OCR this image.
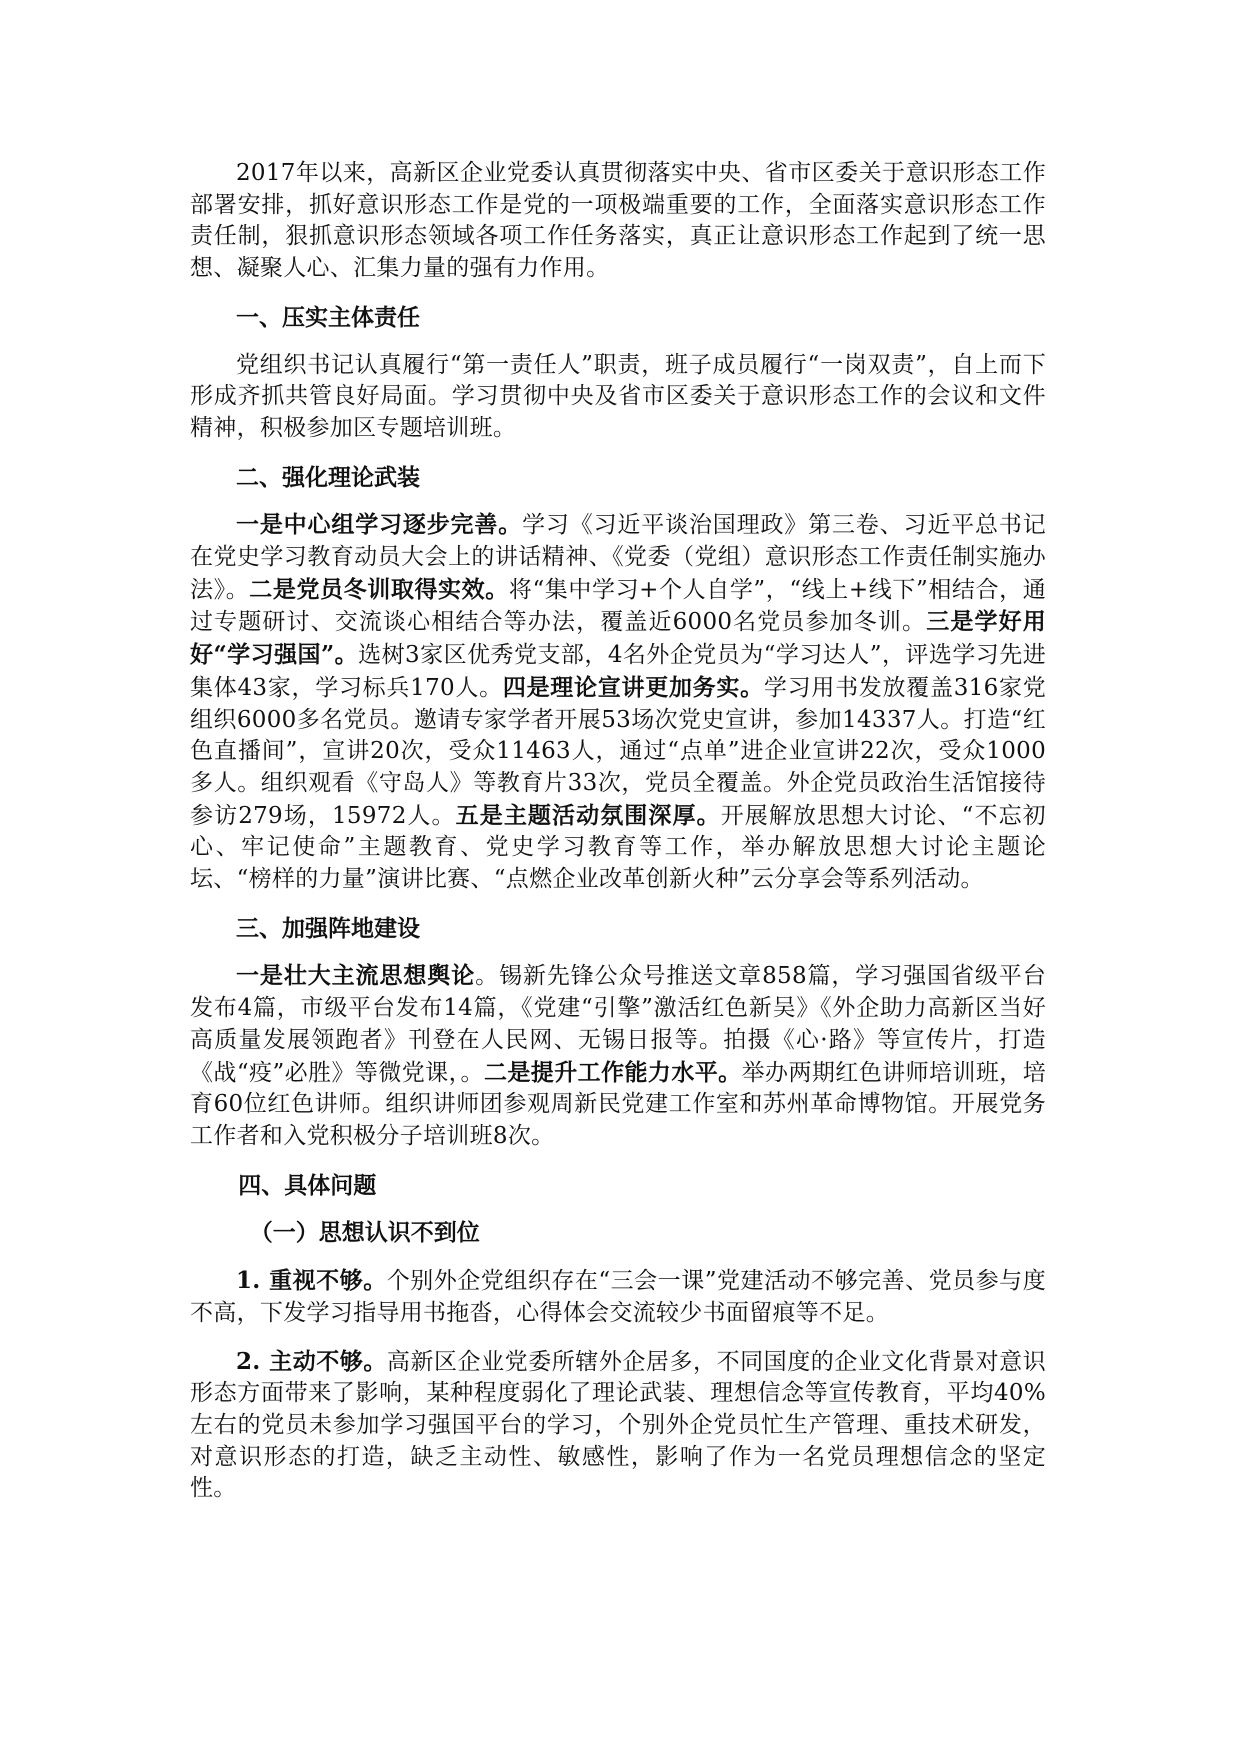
2017年以来，高新区企业党委认真贯彻落实中央、省市区委关于意识形态工作部署安排，抓好意识形态工作是党的一项极端重要的工作，全面落实意识形态工作责任制，狠抓意识形态领域各项工作任务落实，真正让意识形态工作起到了统一思想、凝聚人心、汇集力量的强有力作用。

一、压实主体责任

党组织书记认真履行“第一责任人”职责，班子成员履行“一岗双责”，自上而下形成齐抓共管良好局面。学习贯彻中央及省市区委关于意识形态工作的会议和文件精神，积极参加区专题培训班。

二、强化理论武装

一是中心组学习逐步完善。学习《习近平谈治国理政》第三卷、习近平总书记在党史学习教育动员大会上的讲话精神、《党委（党组）意识形态工作责任制实施办法》。二是党员冬训取得实效。将“集中学习+个人自学”，“线上+线下”相结合，通过专题研讨、交流谈心相结合等办法，覆盖近6000名党员参加冬训。三是学好用好“学习强国”。选树3家区优秀党支部，4名外企党员为“学习达人”，评选学习先进集体43家，学习标兵170人。四是理论宣讲更加务实。学习用书发放覆盖316家党组织6000多名党员。邀请专家学者开展53场次党史宣讲，参加14337人。打造“红色直播间”，宣讲20次，受众11463人，通过“点单”进企业宣讲22次，受众1000多人。组织观看《守岛人》等教育片33次，党员全覆盖。外企党员政治生活馆接待参访279场，15972人。五是主题活动氛围深厚。开展解放思想大讨论、“不忘初心、牢记使命”主题教育、党史学习教育等工作，举办解放思想大讨论主题论坛、“榜样的力量”演讲比赛、“点燃企业改革创新火种”云分享会等系列活动。

三、加强阵地建设

一是壮大主流思想舆论。锡新先锋公众号推送文章858篇，学习强国省级平台发布4篇，市级平台发布14篇，《党建“引擎”激活红色新吴》《外企助力高新区当好高质量发展领跑者》刊登在人民网、无锡日报等。拍摄《心·路》等宣传片，打造《战“疫”必胜》等微党课，。二是提升工作能力水平。举办两期红色讲师培训班，培育60位红色讲师。组织讲师团参观周新民党建工作室和苏州革命博物馆。开展党务工作者和入党积极分子培训班8次。

四、具体问题

（一）思想认识不到位

1. 重视不够。个别外企党组织存在“三会一课”党建活动不够完善、党员参与度不高，下发学习指导用书拖沓，心得体会交流较少书面留痕等不足。

2. 主动不够。高新区企业党委所辖外企居多，不同国度的企业文化背景对意识形态方面带来了影响，某种程度弱化了理论武装、理想信念等宣传教育，平均40%左右的党员未参加学习强国平台的学习，个别外企党员忙生产管理、重技术研发，对意识形态的打造，缺乏主动性、敏感性，影响了作为一名党员理想信念的坚定性。
